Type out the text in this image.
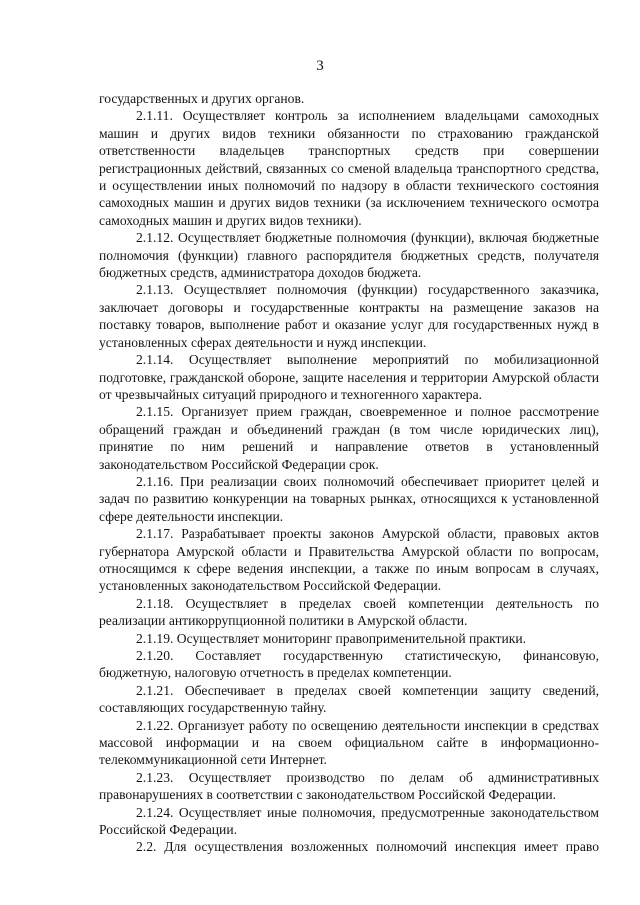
3

государственных и других органов.

2.1.11. Осуществляет контроль за исполнением владельцами самоходных машин и других видов техники обязанности по страхованию гражданской ответственности владельцев транспортных средств при совершении регистрационных действий, связанных со сменой владельца транспортного средства, и осуществлении иных полномочий по надзору в области технического состояния самоходных машин и других видов техники (за исключением технического осмотра самоходных машин и других видов техники).

2.1.12. Осуществляет бюджетные полномочия (функции), включая бюджетные полномочия (функции) главного распорядителя бюджетных средств, получателя бюджетных средств, администратора доходов бюджета.

2.1.13. Осуществляет полномочия (функции) государственного заказчика, заключает договоры и государственные контракты на размещение заказов на поставку товаров, выполнение работ и оказание услуг для государственных нужд в установленных сферах деятельности и нужд инспекции.

2.1.14. Осуществляет выполнение мероприятий по мобилизационной подготовке, гражданской обороне, защите населения и территории Амурской области от чрезвычайных ситуаций природного и техногенного характера.

2.1.15. Организует прием граждан, своевременное и полное рассмотрение обращений граждан и объединений граждан (в том числе юридических лиц), принятие по ним решений и направление ответов в установленный законодательством Российской Федерации срок.

2.1.16. При реализации своих полномочий обеспечивает приоритет целей и задач по развитию конкуренции на товарных рынках, относящихся к установленной сфере деятельности инспекции.

2.1.17. Разрабатывает проекты законов Амурской области, правовых актов губернатора Амурской области и Правительства Амурской области по вопросам, относящимся к сфере ведения инспекции, а также по иным вопросам в случаях, установленных законодательством Российской Федерации.

2.1.18. Осуществляет в пределах своей компетенции деятельность по реализации антикоррупционной политики в Амурской области.

2.1.19. Осуществляет мониторинг правоприменительной практики.

2.1.20. Составляет государственную статистическую, финансовую, бюджетную, налоговую отчетность в пределах компетенции.

2.1.21. Обеспечивает в пределах своей компетенции защиту сведений, составляющих государственную тайну.

2.1.22. Организует работу по освещению деятельности инспекции в средствах массовой информации и на своем официальном сайте в информационно-телекоммуникационной сети Интернет.

2.1.23. Осуществляет производство по делам об административных правонарушениях в соответствии с законодательством Российской Федерации.

2.1.24. Осуществляет иные полномочия, предусмотренные законодательством Российской Федерации.

2.2. Для осуществления возложенных полномочий инспекция имеет право
